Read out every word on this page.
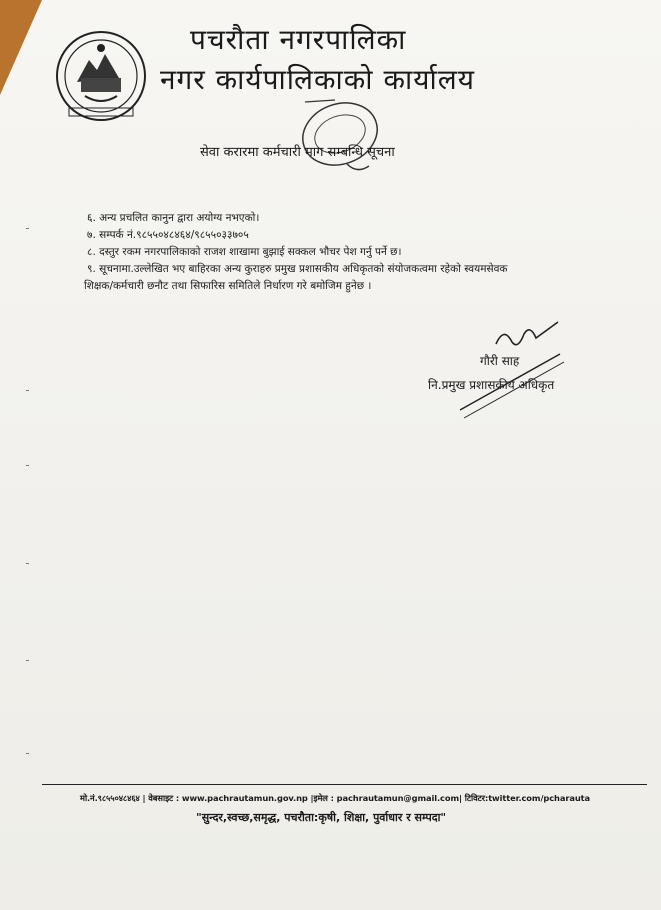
पचरौता नगरपालिका
नगर कार्यपालिकाको कार्यालय
सेवा करारमा कर्मचारी माग सम्बन्धि सूचना
६. अन्य प्रचलित कानुन द्वारा अयोग्य नभएको।
७. सम्पर्क नं.९८५५०४८४६४/९८५५०३३७०५
८. दस्तुर रकम नगरपालिकाको राजश शाखामा बुझाई सक्कल भौचर पेश गर्नु पर्ने छ।
९. सूचनामा.उल्लेखित भए बाहिरका अन्य कुराहरु प्रमुख प्रशासकीय अधिकृतको संयोजकत्वमा रहेको स्वयमसेवक
शिक्षक/कर्मचारी छनौट तथा सिफारिस समितिले निर्धारण गरे बमोजिम हुनेछ ।
गौरी साह
नि.प्रमुख प्रशासकीय अधिकृत
मो.नं.९८५५०४८४६४ | वेबसाइट : www.pachrautamun.gov.np |इमेल : pachrautamun@gmail.com| टिविटर:twitter.com/pcharauta
"सुन्दर,स्वच्छ,समृद्ध, पचरौता:कृषी, शिक्षा, पुर्वाधार र सम्पदा"
